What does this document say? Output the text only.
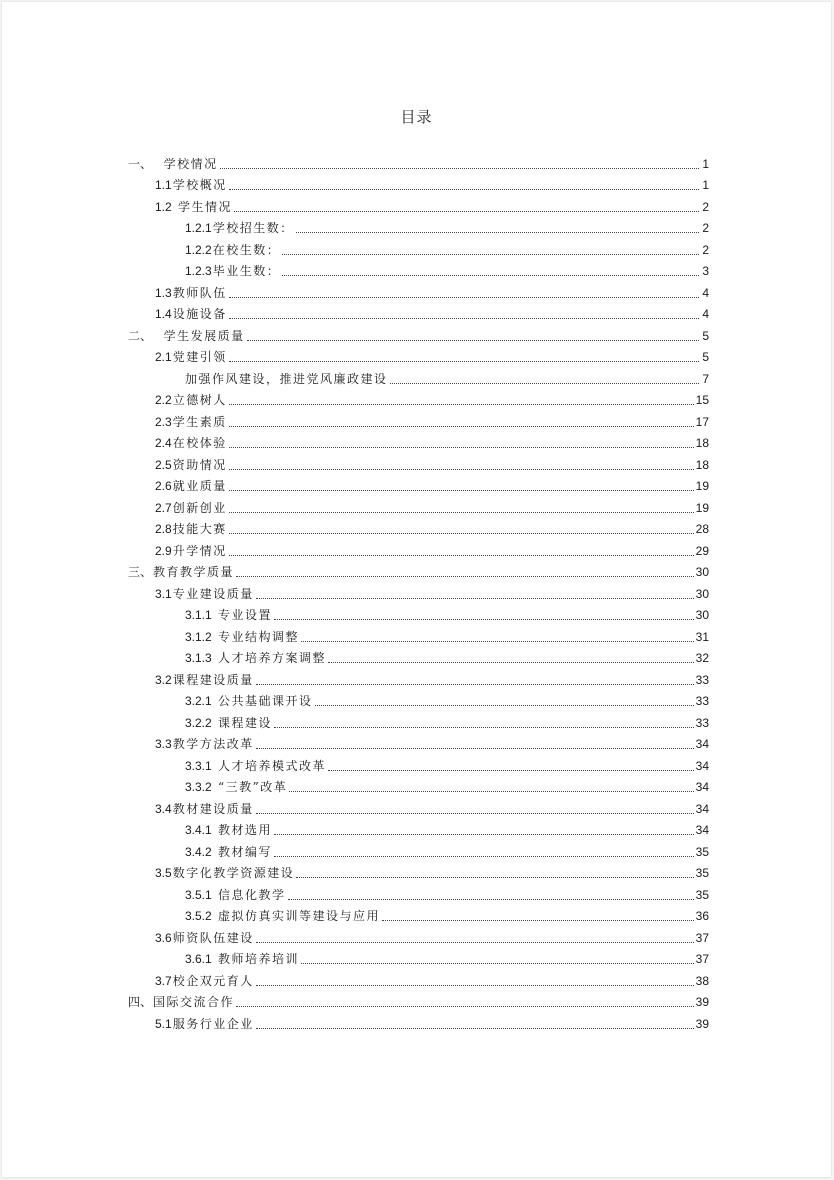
目录
一、  学校情况	1
1.1学校概况	1
1.2 学生情况	2
1.2.1学校招生数：	2
1.2.2在校生数：	2
1.2.3毕业生数：	3
1.3教师队伍	4
1.4设施设备	4
二、  学生发展质量	5
2.1党建引领	5
加强作风建设，推进党风廉政建设	7
2.2立德树人	15
2.3学生素质	17
2.4在校体验	18
2.5资助情况	18
2.6就业质量	19
2.7创新创业	19
2.8技能大赛	28
2.9升学情况	29
三、教育教学质量	30
3.1专业建设质量	30
3.1.1 专业设置	30
3.1.2 专业结构调整	31
3.1.3 人才培养方案调整	32
3.2课程建设质量	33
3.2.1 公共基础课开设	33
3.2.2 课程建设	33
3.3教学方法改革	34
3.3.1 人才培养模式改革	34
3.3.2 “三教”改革	34
3.4教材建设质量	34
3.4.1 教材选用	34
3.4.2 教材编写	35
3.5数字化教学资源建设	35
3.5.1 信息化教学	35
3.5.2 虚拟仿真实训等建设与应用	36
3.6师资队伍建设	37
3.6.1 教师培养培训	37
3.7校企双元育人	38
四、国际交流合作	39
5.1服务行业企业	39
